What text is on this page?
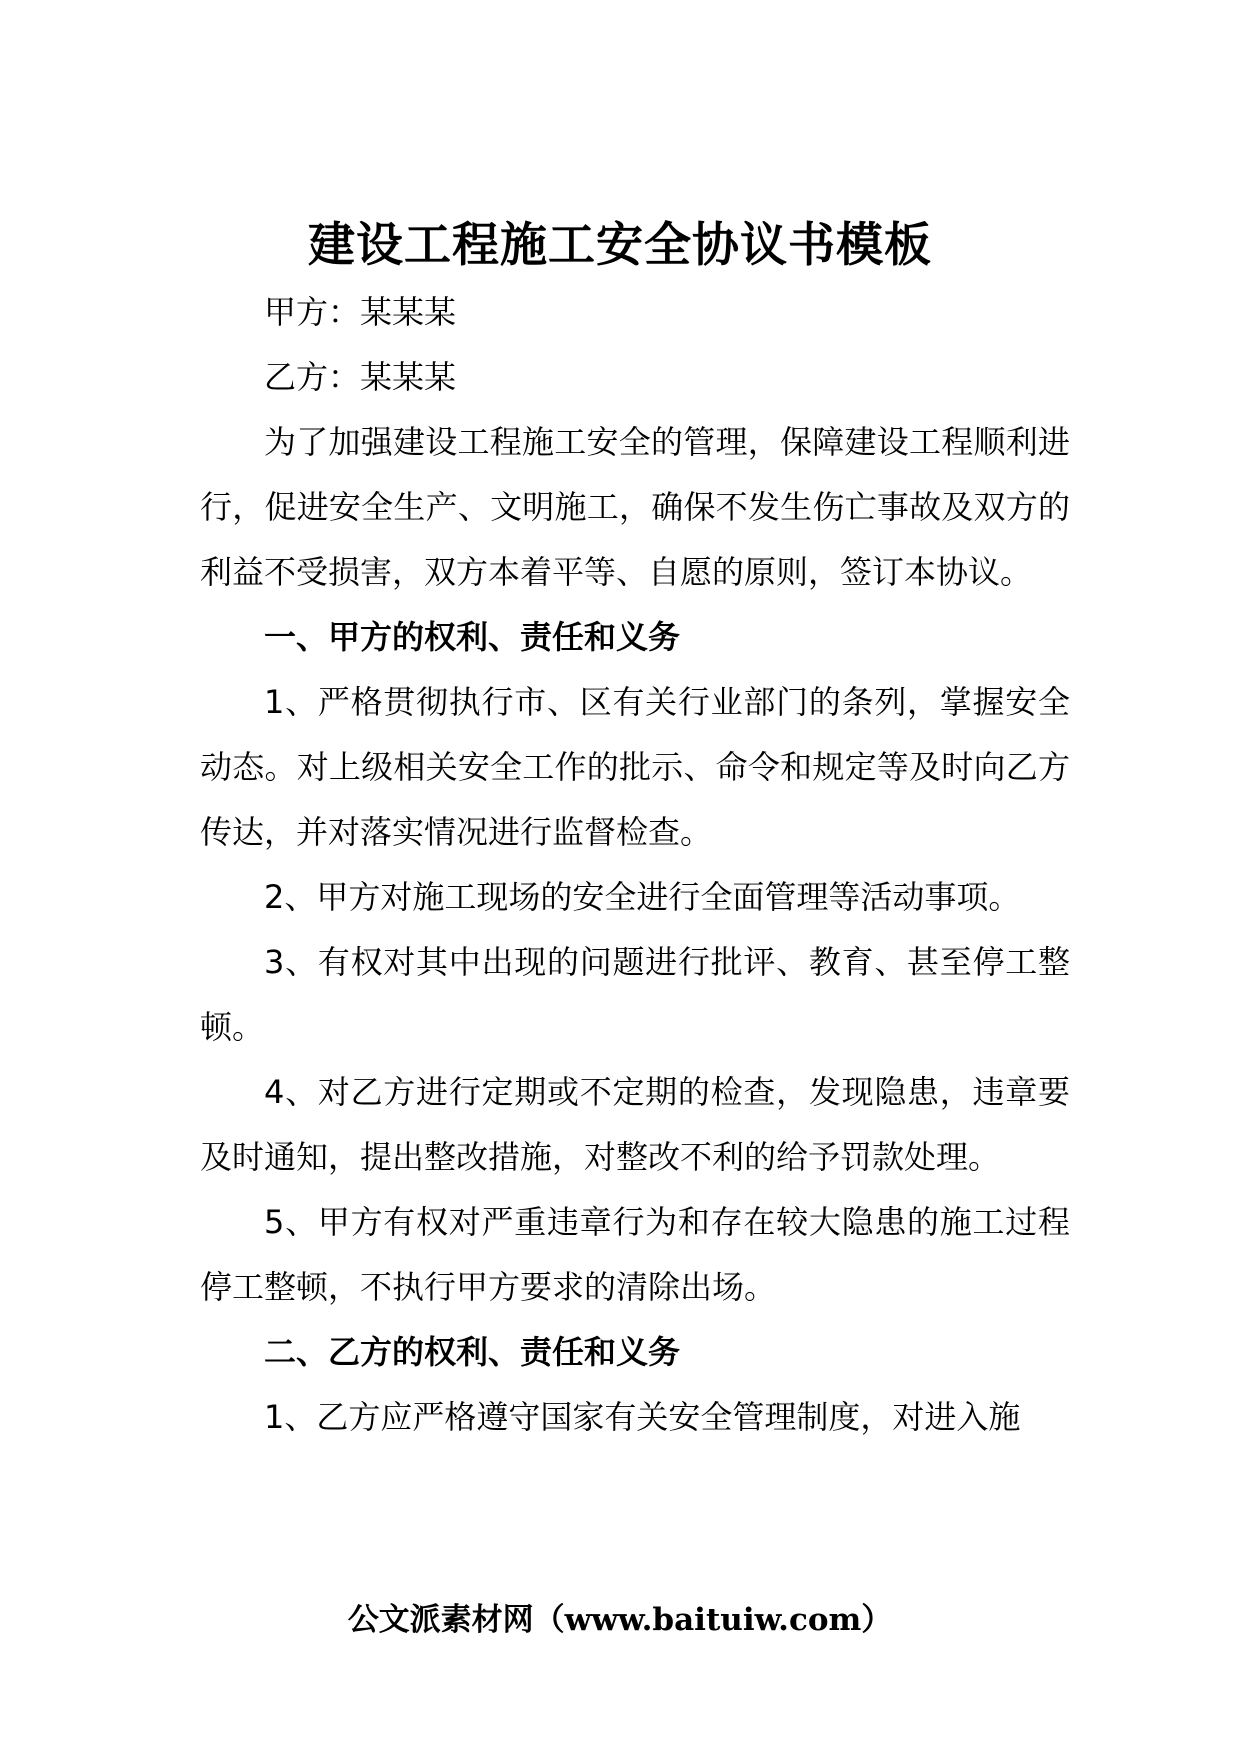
建设工程施工安全协议书模板

甲方：某某某

乙方：某某某

为了加强建设工程施工安全的管理，保障建设工程顺利进行，促进安全生产、文明施工，确保不发生伤亡事故及双方的利益不受损害，双方本着平等、自愿的原则，签订本协议。

一、甲方的权利、责任和义务

1、严格贯彻执行市、区有关行业部门的条列，掌握安全动态。对上级相关安全工作的批示、命令和规定等及时向乙方传达，并对落实情况进行监督检查。

2、甲方对施工现场的安全进行全面管理等活动事项。

3、有权对其中出现的问题进行批评、教育、甚至停工整顿。

4、对乙方进行定期或不定期的检查，发现隐患，违章要及时通知，提出整改措施，对整改不利的给予罚款处理。

5、甲方有权对严重违章行为和存在较大隐患的施工过程停工整顿，不执行甲方要求的清除出场。

二、乙方的权利、责任和义务

1、乙方应严格遵守国家有关安全管理制度，对进入施

公文派素材网（www.baituiw.com）
